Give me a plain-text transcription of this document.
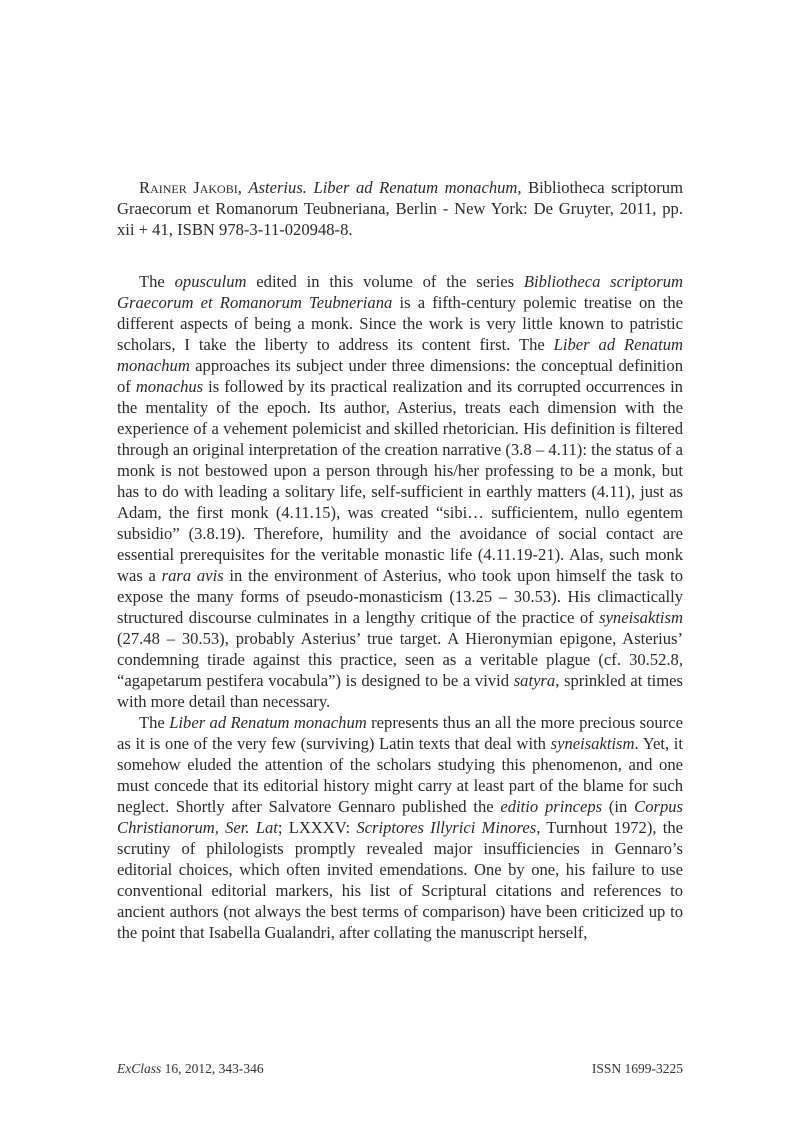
Rainer Jakobi, Asterius. Liber ad Renatum monachum, Bibliotheca scriptorum Graecorum et Romanorum Teubneriana, Berlin - New York: De Gruyter, 2011, pp. xii + 41, ISBN 978-3-11-020948-8.

The opusculum edited in this volume of the series Bibliotheca scriptorum Graecorum et Romanorum Teubneriana is a fifth-century polemic treatise on the different aspects of being a monk. Since the work is very little known to patristic scholars, I take the liberty to address its content first. The Liber ad Renatum monachum approaches its subject under three dimensions: the conceptual definition of monachus is followed by its practical realization and its corrupted occurrences in the mentality of the epoch. Its author, Asterius, treats each dimension with the experience of a vehement polemicist and skilled rhetorician. His definition is filtered through an original interpretation of the creation narrative (3.8 – 4.11): the status of a monk is not bestowed upon a person through his/her professing to be a monk, but has to do with leading a solitary life, self-sufficient in earthly matters (4.11), just as Adam, the first monk (4.11.15), was created “sibi… sufficientem, nullo egentem subsidio” (3.8.19). Therefore, humility and the avoidance of social contact are essential prerequisites for the veritable monastic life (4.11.19-21). Alas, such monk was a rara avis in the environment of Asterius, who took upon himself the task to expose the many forms of pseudo-monasticism (13.25 – 30.53). His climactically structured discourse culminates in a lengthy critique of the practice of syneisaktism (27.48 – 30.53), probably Asterius’ true target. A Hieronymian epigone, Asterius’ condemning tirade against this practice, seen as a veritable plague (cf. 30.52.8, “agapetarum pestifera vocabula”) is designed to be a vivid satyra, sprinkled at times with more detail than necessary.

The Liber ad Renatum monachum represents thus an all the more precious source as it is one of the very few (surviving) Latin texts that deal with syneisaktism. Yet, it somehow eluded the attention of the scholars studying this phenomenon, and one must concede that its editorial history might carry at least part of the blame for such neglect. Shortly after Salvatore Gennaro published the editio princeps (in Corpus Christianorum, Ser. Lat; LXXXV: Scriptores Illyrici Minores, Turnhout 1972), the scrutiny of philologists promptly revealed major insufficiencies in Gennaro’s editorial choices, which often invited emendations. One by one, his failure to use conventional editorial markers, his list of Scriptural citations and references to ancient authors (not always the best terms of comparison) have been criticized up to the point that Isabella Gualandri, after collating the manuscript herself,

ExClass 16, 2012, 343-346	ISSN 1699-3225
